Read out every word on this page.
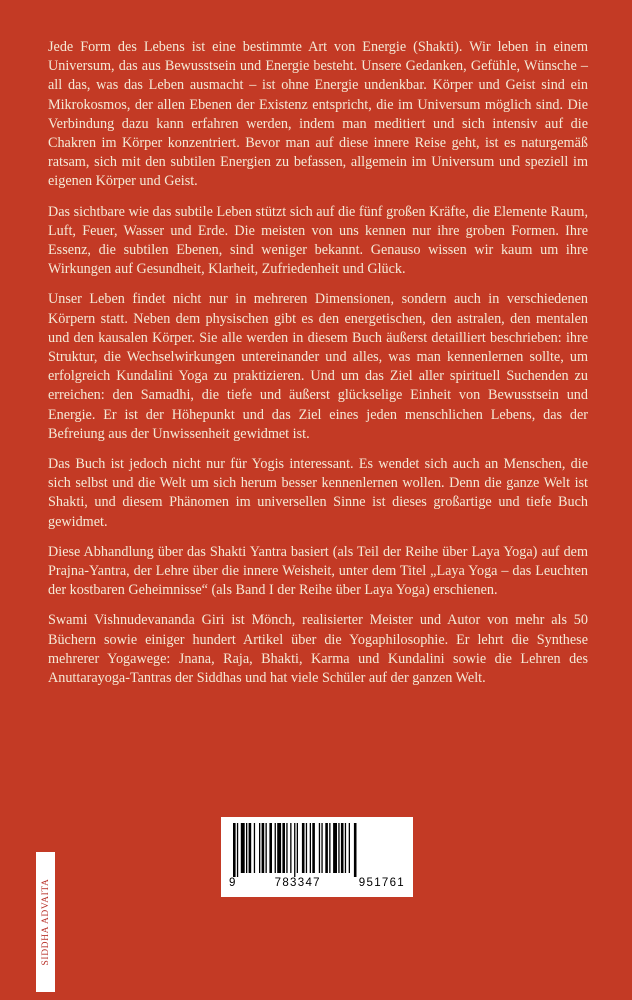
Jede Form des Lebens ist eine bestimmte Art von Energie (Shakti). Wir leben in einem Universum, das aus Bewusstsein und Energie besteht. Unsere Gedanken, Gefühle, Wünsche – all das, was das Leben ausmacht – ist ohne Energie undenkbar. Körper und Geist sind ein Mikrokosmos, der allen Ebenen der Existenz entspricht, die im Universum möglich sind. Die Verbindung dazu kann erfahren werden, indem man meditiert und sich intensiv auf die Chakren im Körper konzentriert. Bevor man auf diese innere Reise geht, ist es naturgemäß ratsam, sich mit den subtilen Energien zu befassen, allgemein im Universum und speziell im eigenen Körper und Geist.

Das sichtbare wie das subtile Leben stützt sich auf die fünf großen Kräfte, die Elemente Raum, Luft, Feuer, Wasser und Erde. Die meisten von uns kennen nur ihre groben Formen. Ihre Essenz, die subtilen Ebenen, sind weniger bekannt. Genauso wissen wir kaum um ihre Wirkungen auf Gesundheit, Klarheit, Zufriedenheit und Glück.

Unser Leben findet nicht nur in mehreren Dimensionen, sondern auch in verschiedenen Körpern statt. Neben dem physischen gibt es den energetischen, den astralen, den mentalen und den kausalen Körper. Sie alle werden in diesem Buch äußerst detailliert beschrieben: ihre Struktur, die Wechselwirkungen untereinander und alles, was man kennenlernen sollte, um erfolgreich Kundalini Yoga zu praktizieren. Und um das Ziel aller spirituell Suchenden zu erreichen: den Samadhi, die tiefe und äußerst glückselige Einheit von Bewusstsein und Energie. Er ist der Höhepunkt und das Ziel eines jeden menschlichen Lebens, das der Befreiung aus der Unwissenheit gewidmet ist.

Das Buch ist jedoch nicht nur für Yogis interessant. Es wendet sich auch an Menschen, die sich selbst und die Welt um sich herum besser kennenlernen wollen. Denn die ganze Welt ist Shakti, und diesem Phänomen im universellen Sinne ist dieses großartige und tiefe Buch gewidmet.

Diese Abhandlung über das Shakti Yantra basiert (als Teil der Reihe über Laya Yoga) auf dem Prajna-Yantra, der Lehre über die innere Weisheit, unter dem Titel „Laya Yoga – das Leuchten der kostbaren Geheimnisse“ (als Band I der Reihe über Laya Yoga) erschienen.

Swami Vishnudevananda Giri ist Mönch, realisierter Meister und Autor von mehr als 50 Büchern sowie einiger hundert Artikel über die Yogaphilosophie. Er lehrt die Synthese mehrerer Yogawege: Jnana, Raja, Bhakti, Karma und Kundalini sowie die Lehren des Anuttarayoga-Tantras der Siddhas und hat viele Schüler auf der ganzen Welt.

9	783347	951761
SIDDHA ADVAITA
